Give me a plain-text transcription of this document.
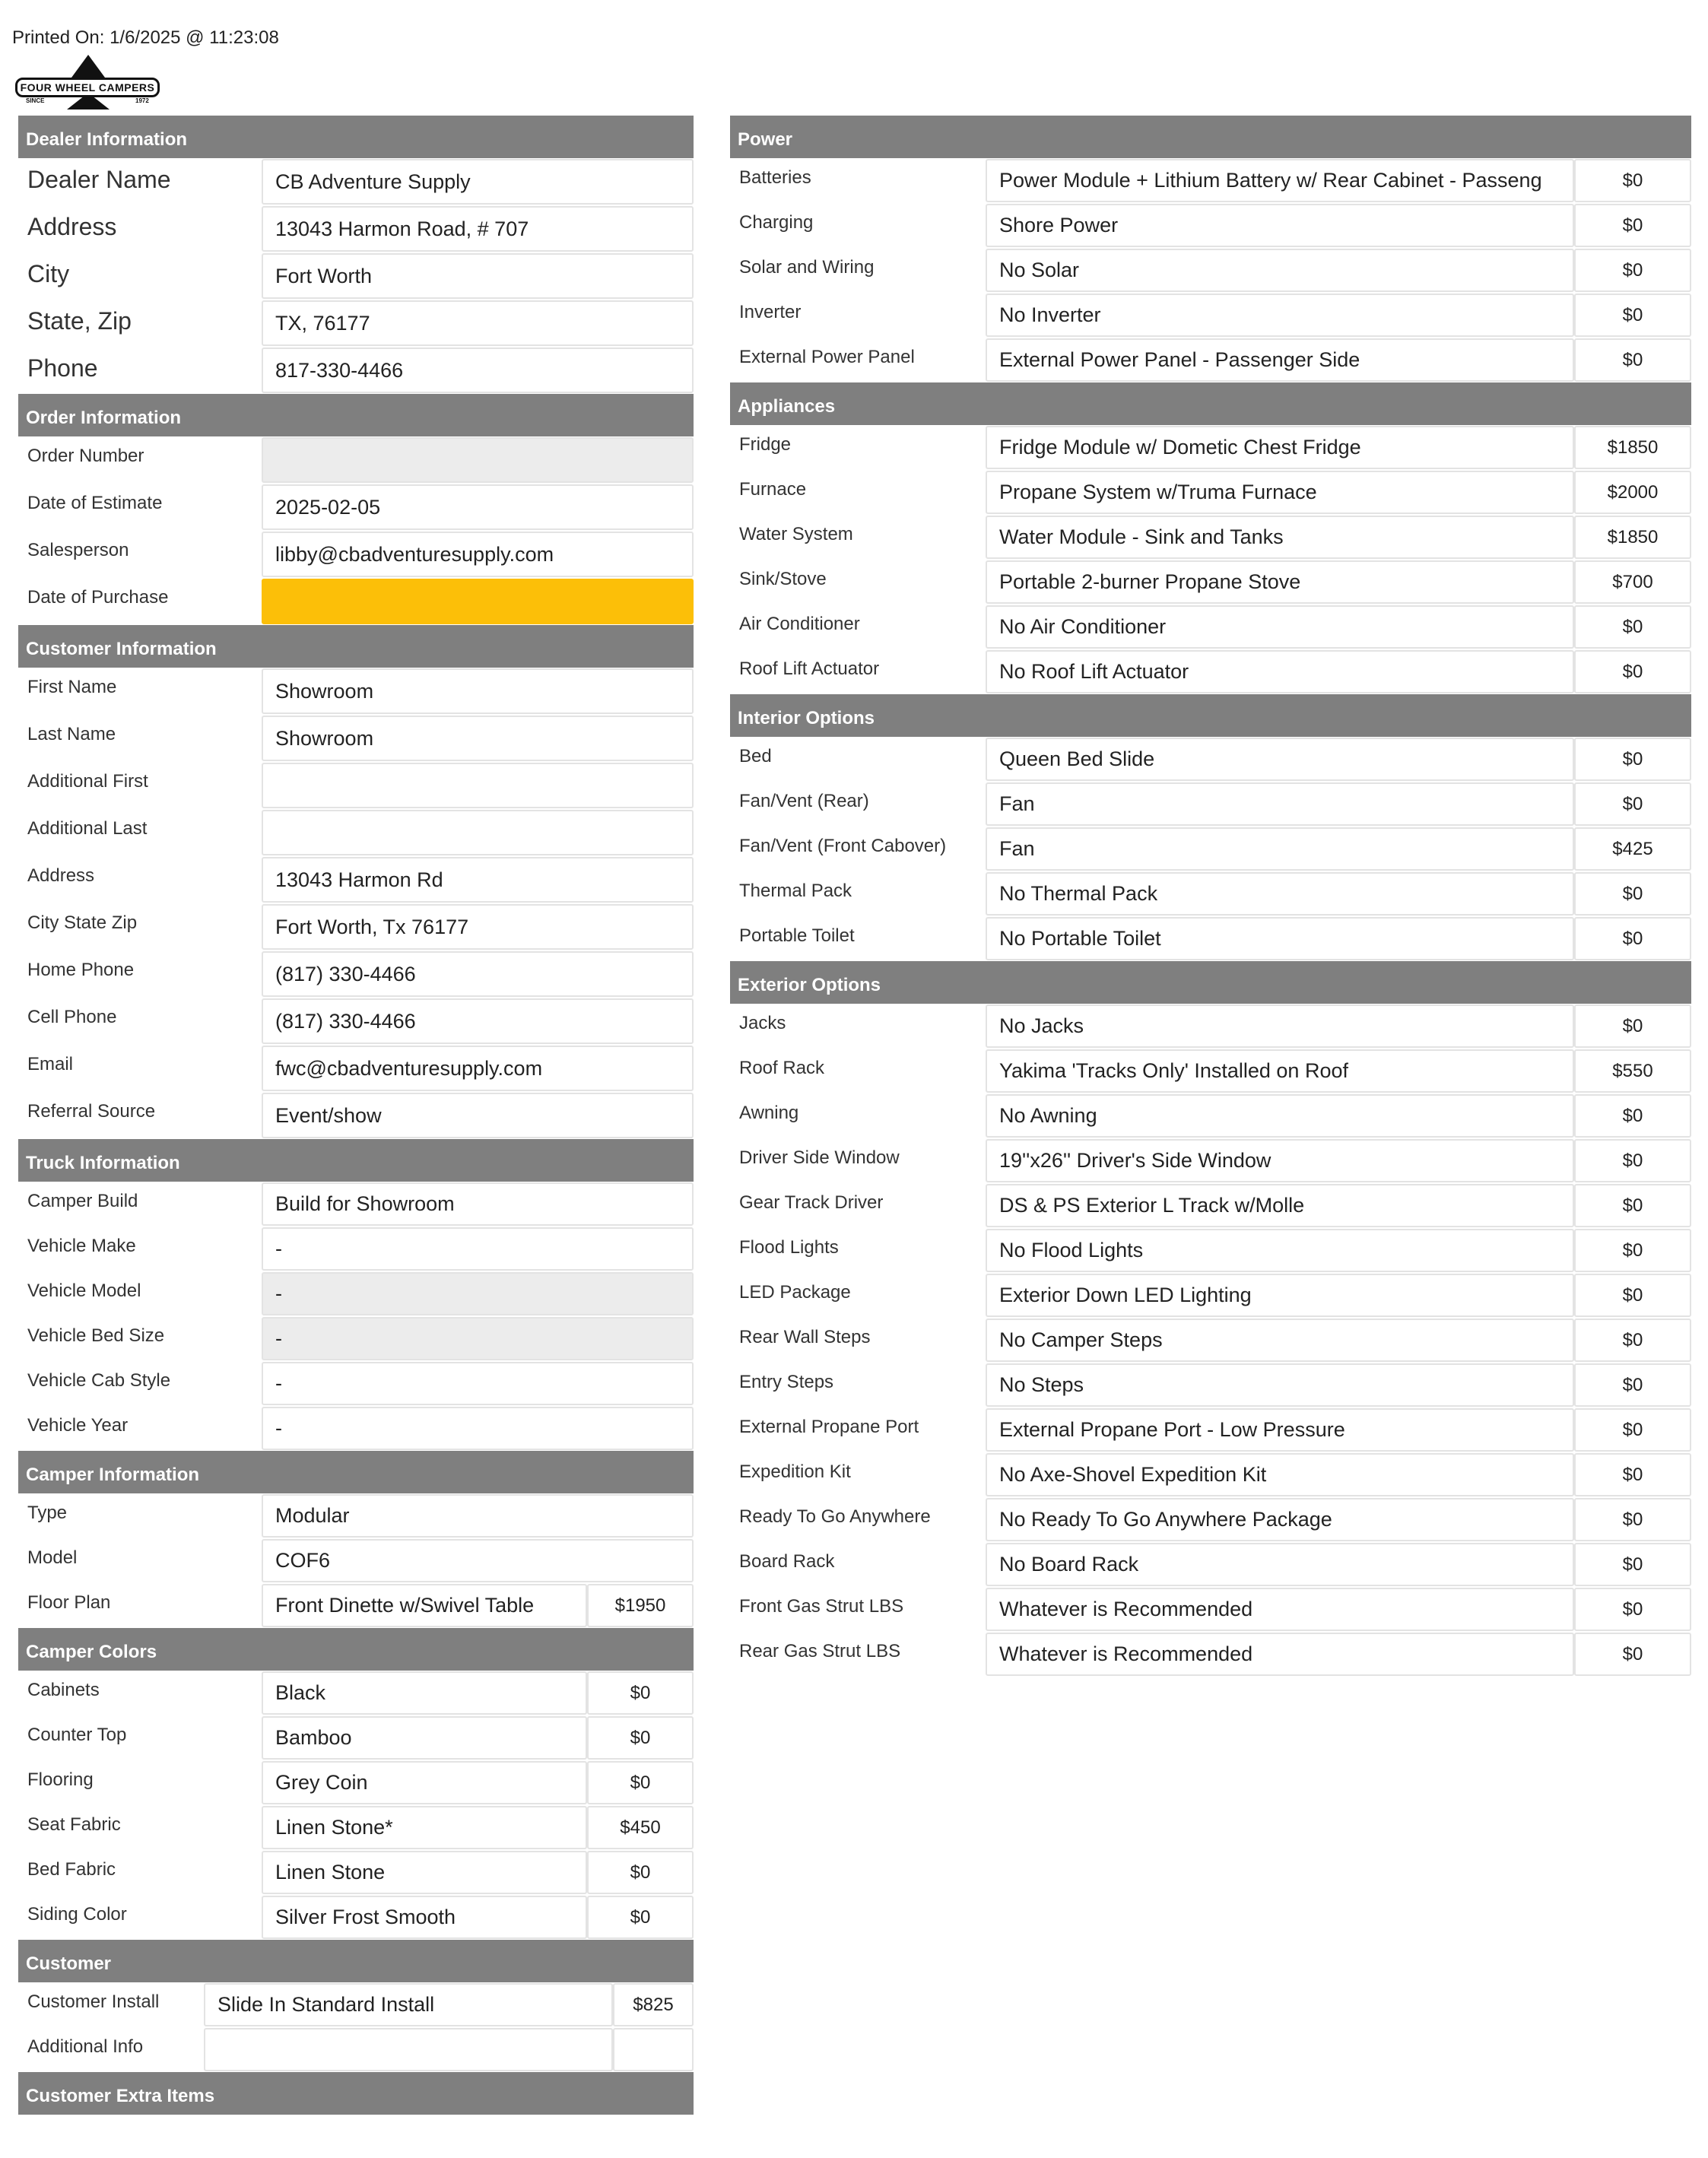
Printed On: 1/6/2025 @ 11:23:08
FOUR WHEEL CAMPERS
SINCE	1972
Dealer Information
Dealer Name	CB Adventure Supply
Address	13043 Harmon Road, # 707
City	Fort Worth
State, Zip	TX, 76177
Phone	817-330-4466
Order Information
Order Number
Date of Estimate	2025-02-05
Salesperson	libby@cbadventuresupply.com
Date of Purchase
Customer Information
First Name	Showroom
Last Name	Showroom
Additional First
Additional Last
Address	13043 Harmon Rd
City State Zip	Fort Worth, Tx 76177
Home Phone	(817) 330-4466
Cell Phone	(817) 330-4466
Email	fwc@cbadventuresupply.com
Referral Source	Event/show
Truck Information
Camper Build	Build for Showroom
Vehicle Make	-
Vehicle Model	-
Vehicle Bed Size	-
Vehicle Cab Style	-
Vehicle Year	-
Camper Information
Type	Modular
Model	COF6
Floor Plan	Front Dinette w/Swivel Table	$1950
Camper Colors
Cabinets	Black	$0
Counter Top	Bamboo	$0
Flooring	Grey Coin	$0
Seat Fabric	Linen Stone*	$450
Bed Fabric	Linen Stone	$0
Siding Color	Silver Frost Smooth	$0
Customer
Customer Install	Slide In Standard Install	$825
Additional Info
Customer Extra Items
Power
Batteries	Power Module + Lithium Battery w/ Rear Cabinet - Passeng	$0
Charging	Shore Power	$0
Solar and Wiring	No Solar	$0
Inverter	No Inverter	$0
External Power Panel	External Power Panel - Passenger Side	$0
Appliances
Fridge	Fridge Module w/ Dometic Chest Fridge	$1850
Furnace	Propane System w/Truma Furnace	$2000
Water System	Water Module - Sink and Tanks	$1850
Sink/Stove	Portable 2-burner Propane Stove	$700
Air Conditioner	No Air Conditioner	$0
Roof Lift Actuator	No Roof Lift Actuator	$0
Interior Options
Bed	Queen Bed Slide	$0
Fan/Vent (Rear)	Fan	$0
Fan/Vent (Front Cabover)	Fan	$425
Thermal Pack	No Thermal Pack	$0
Portable Toilet	No Portable Toilet	$0
Exterior Options
Jacks	No Jacks	$0
Roof Rack	Yakima 'Tracks Only' Installed on Roof	$550
Awning	No Awning	$0
Driver Side Window	19''x26'' Driver's Side Window	$0
Gear Track Driver	DS & PS Exterior L Track w/Molle	$0
Flood Lights	No Flood Lights	$0
LED Package	Exterior Down LED Lighting	$0
Rear Wall Steps	No Camper Steps	$0
Entry Steps	No Steps	$0
External Propane Port	External Propane Port - Low Pressure	$0
Expedition Kit	No Axe-Shovel Expedition Kit	$0
Ready To Go Anywhere	No Ready To Go Anywhere Package	$0
Board Rack	No Board Rack	$0
Front Gas Strut LBS	Whatever is Recommended	$0
Rear Gas Strut LBS	Whatever is Recommended	$0
